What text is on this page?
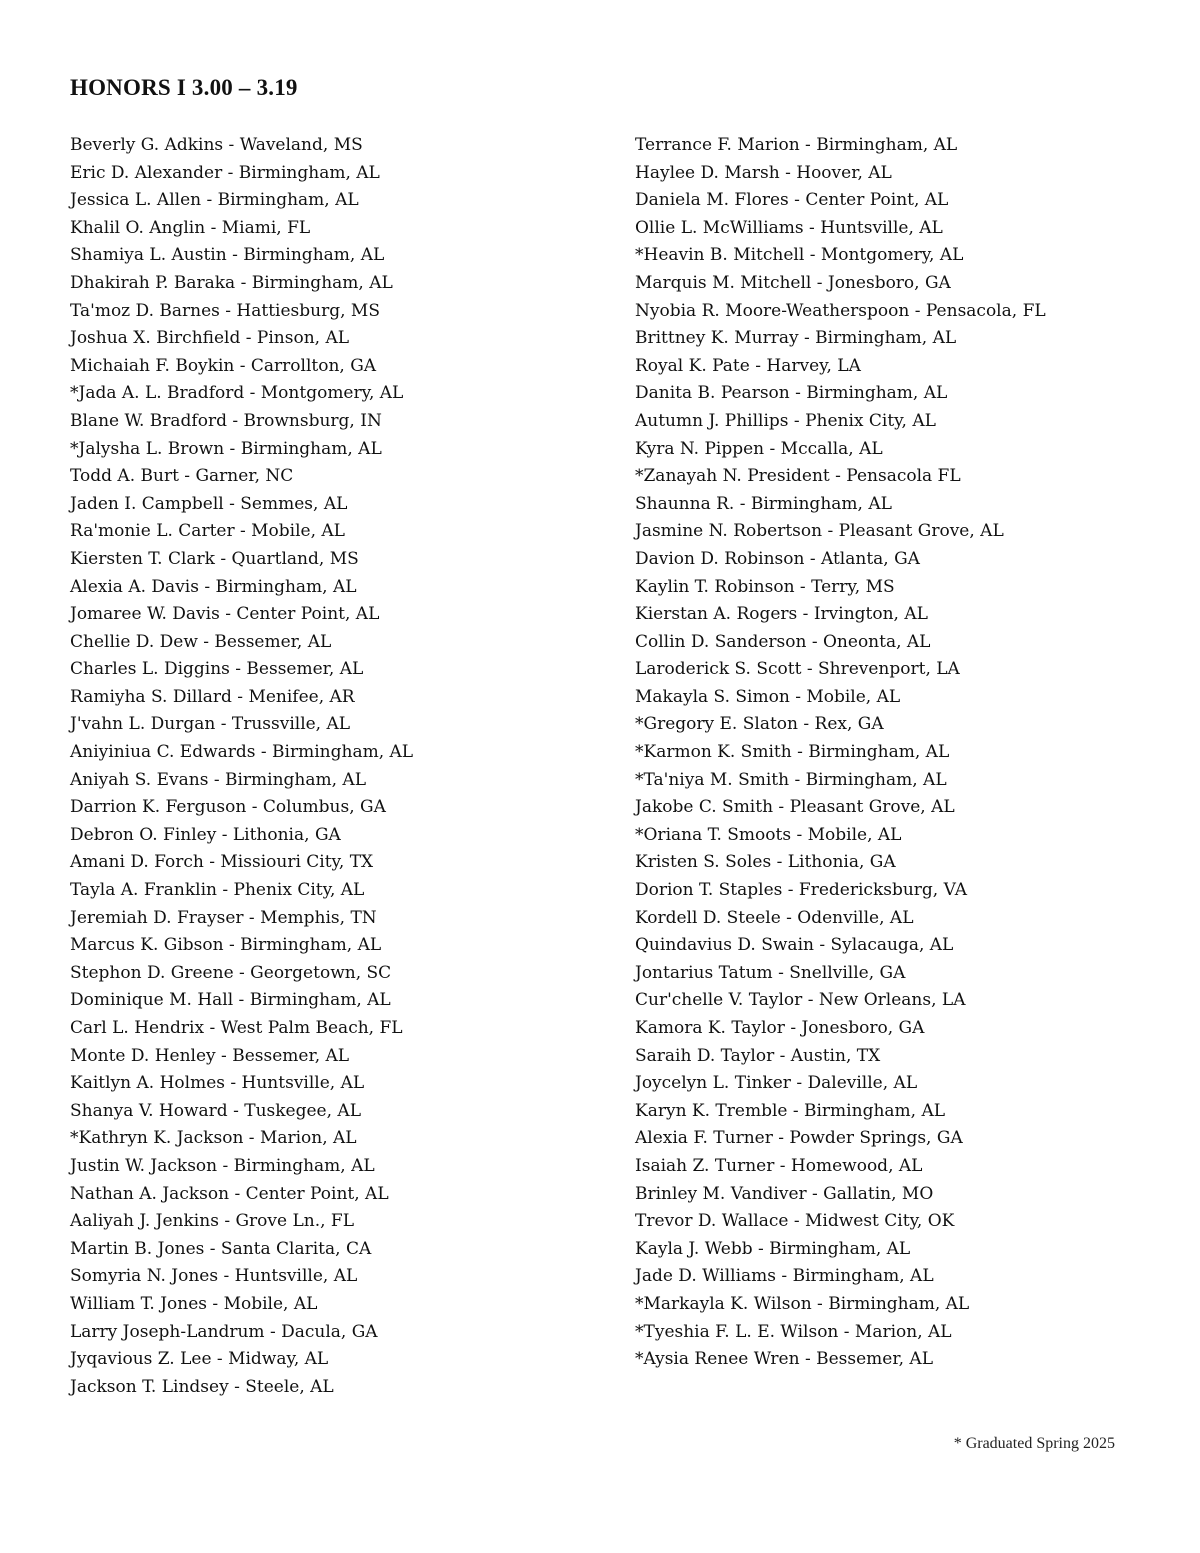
HONORS I 3.00 – 3.19
Beverly G. Adkins - Waveland, MS
Eric D. Alexander - Birmingham, AL
Jessica L. Allen - Birmingham, AL
Khalil O. Anglin - Miami, FL
Shamiya L. Austin - Birmingham, AL
Dhakirah P. Baraka - Birmingham, AL
Ta'moz D. Barnes - Hattiesburg, MS
Joshua X. Birchfield - Pinson, AL
Michaiah F. Boykin - Carrollton, GA
*Jada A. L. Bradford - Montgomery, AL
Blane W. Bradford - Brownsburg, IN
*Jalysha L. Brown - Birmingham, AL
Todd A. Burt - Garner, NC
Jaden I. Campbell - Semmes, AL
Ra'monie L. Carter - Mobile, AL
Kiersten T. Clark - Quartland, MS
Alexia A. Davis - Birmingham, AL
Jomaree W. Davis - Center Point, AL
Chellie D. Dew - Bessemer, AL
Charles L. Diggins - Bessemer, AL
Ramiyha S. Dillard - Menifee, AR
J'vahn L. Durgan - Trussville, AL
Aniyiniua C. Edwards - Birmingham, AL
Aniyah S. Evans - Birmingham, AL
Darrion K. Ferguson - Columbus, GA
Debron O. Finley - Lithonia, GA
Amani D. Forch - Missiouri City, TX
Tayla A. Franklin - Phenix City, AL
Jeremiah D. Frayser - Memphis, TN
Marcus K. Gibson - Birmingham, AL
Stephon D. Greene - Georgetown, SC
Dominique M. Hall - Birmingham, AL
Carl L. Hendrix - West Palm Beach, FL
Monte D. Henley - Bessemer, AL
Kaitlyn A. Holmes - Huntsville, AL
Shanya V. Howard - Tuskegee, AL
*Kathryn K. Jackson - Marion, AL
Justin W. Jackson - Birmingham, AL
Nathan A. Jackson - Center Point, AL
Aaliyah J. Jenkins - Grove Ln., FL
Martin B. Jones - Santa Clarita, CA
Somyria N. Jones - Huntsville, AL
William T. Jones - Mobile, AL
Larry Joseph-Landrum - Dacula, GA
Jyqavious Z. Lee - Midway, AL
Jackson T. Lindsey - Steele, AL
Terrance F. Marion - Birmingham, AL
Haylee D. Marsh - Hoover, AL
Daniela M. Flores - Center Point, AL
Ollie L. McWilliams - Huntsville, AL
*Heavin B. Mitchell - Montgomery, AL
Marquis M. Mitchell - Jonesboro, GA
Nyobia R. Moore-Weatherspoon - Pensacola, FL
Brittney K. Murray - Birmingham, AL
Royal K. Pate - Harvey, LA
Danita B. Pearson - Birmingham, AL
Autumn J. Phillips - Phenix City, AL
Kyra N. Pippen - Mccalla, AL
*Zanayah N. President - Pensacola FL
Shaunna R. - Birmingham, AL
Jasmine N. Robertson - Pleasant Grove, AL
Davion D. Robinson - Atlanta, GA
Kaylin T. Robinson - Terry, MS
Kierstan A. Rogers - Irvington, AL
Collin D. Sanderson - Oneonta, AL
Laroderick S. Scott - Shrevenport, LA
Makayla S. Simon - Mobile, AL
*Gregory E. Slaton - Rex, GA
*Karmon K. Smith - Birmingham, AL
*Ta'niya M. Smith - Birmingham, AL
Jakobe C. Smith - Pleasant Grove, AL
*Oriana T. Smoots - Mobile, AL
Kristen S. Soles - Lithonia, GA
Dorion T. Staples - Fredericksburg, VA
Kordell D. Steele - Odenville, AL
Quindavius D. Swain - Sylacauga, AL
Jontarius Tatum - Snellville, GA
Cur'chelle V. Taylor - New Orleans, LA
Kamora K. Taylor - Jonesboro, GA
Saraih D. Taylor - Austin, TX
Joycelyn L. Tinker - Daleville, AL
Karyn K. Tremble - Birmingham, AL
Alexia F. Turner - Powder Springs, GA
Isaiah Z. Turner - Homewood, AL
Brinley M. Vandiver - Gallatin, MO
Trevor D. Wallace - Midwest City, OK
Kayla J. Webb - Birmingham, AL
Jade D. Williams - Birmingham, AL
*Markayla K. Wilson - Birmingham, AL
*Tyeshia F. L. E. Wilson - Marion, AL
*Aysia Renee Wren - Bessemer, AL
* Graduated Spring 2025
